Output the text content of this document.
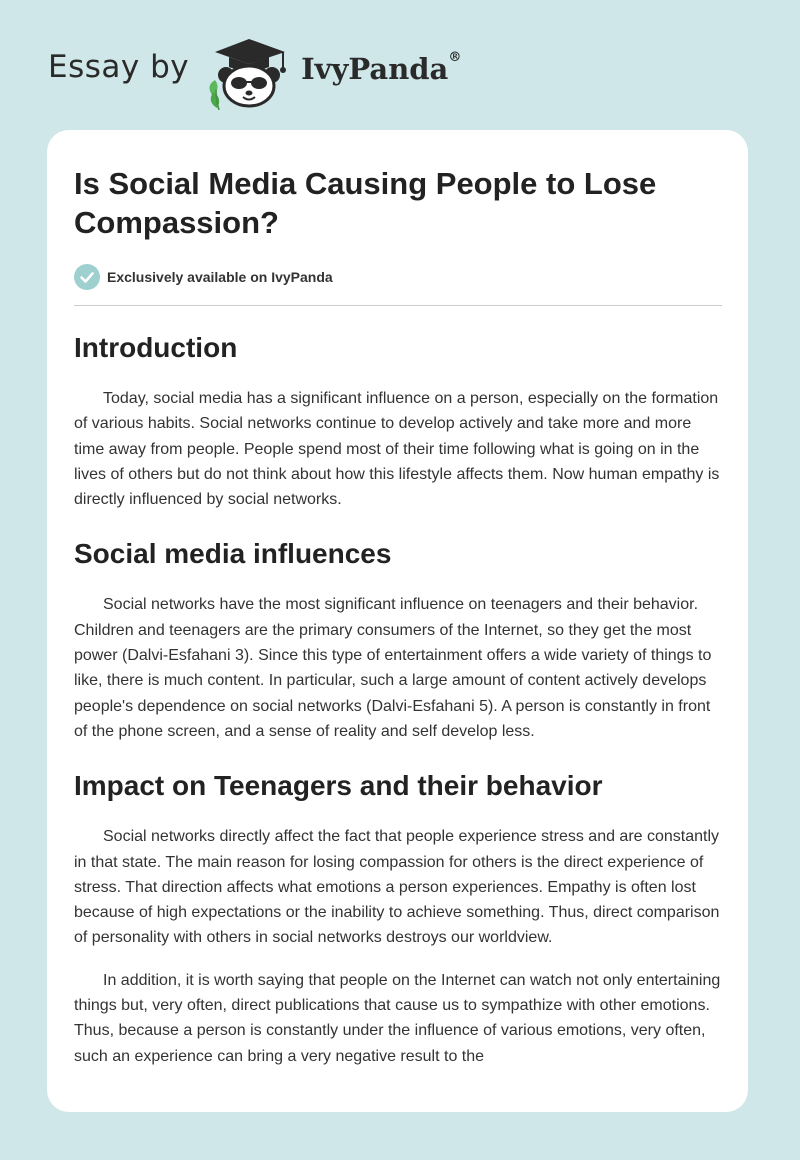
Essay by	IvyPanda®
Is Social Media Causing People to Lose Compassion?
Exclusively available on IvyPanda
Introduction

Today, social media has a significant influence on a person, especially on the formation of various habits. Social networks continue to develop actively and take more and more time away from people. People spend most of their time following what is going on in the lives of others but do not think about how this lifestyle affects them. Now human empathy is directly influenced by social networks.

Social media influences

Social networks have the most significant influence on teenagers and their behavior. Children and teenagers are the primary consumers of the Internet, so they get the most power (Dalvi-Esfahani 3). Since this type of entertainment offers a wide variety of things to like, there is much content. In particular, such a large amount of content actively develops people's dependence on social networks (Dalvi-Esfahani 5). A person is constantly in front of the phone screen, and a sense of reality and self develop less.

Impact on Teenagers and their behavior

Social networks directly affect the fact that people experience stress and are constantly in that state. The main reason for losing compassion for others is the direct experience of stress. That direction affects what emotions a person experiences. Empathy is often lost because of high expectations or the inability to achieve something. Thus, direct comparison of personality with others in social networks destroys our worldview.

In addition, it is worth saying that people on the Internet can watch not only entertaining things but, very often, direct publications that cause us to sympathize with other emotions. Thus, because a person is constantly under the influence of various emotions, very often, such an experience can bring a very negative result to the
